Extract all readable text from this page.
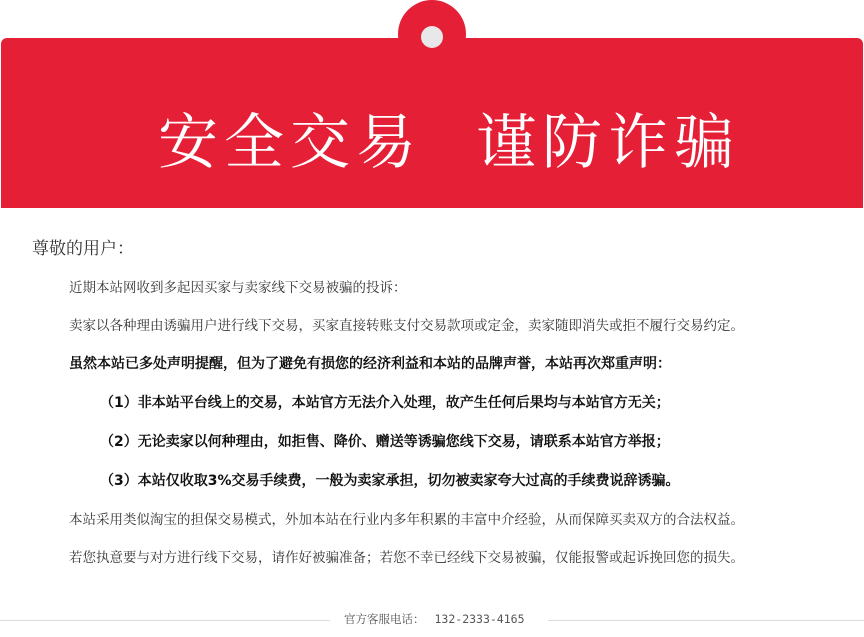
安全交易 谨防诈骗
尊敬的用户：
近期本站网收到多起因买家与卖家线下交易被骗的投诉：
卖家以各种理由诱骗用户进行线下交易，买家直接转账支付交易款项或定金，卖家随即消失或拒不履行交易约定。
虽然本站已多处声明提醒，但为了避免有损您的经济利益和本站的品牌声誉，本站再次郑重声明：
（1）非本站平台线上的交易，本站官方无法介入处理，故产生任何后果均与本站官方无关；
（2）无论卖家以何种理由，如拒售、降价、赠送等诱骗您线下交易，请联系本站官方举报；
（3）本站仅收取3%交易手续费，一般为卖家承担，切勿被卖家夸大过高的手续费说辞诱骗。
本站采用类似淘宝的担保交易模式，外加本站在行业内多年积累的丰富中介经验，从而保障买卖双方的合法权益。
若您执意要与对方进行线下交易，请作好被骗准备；若您不幸已经线下交易被骗，仅能报警或起诉挽回您的损失。
官方客服电话： 132-2333-4165
